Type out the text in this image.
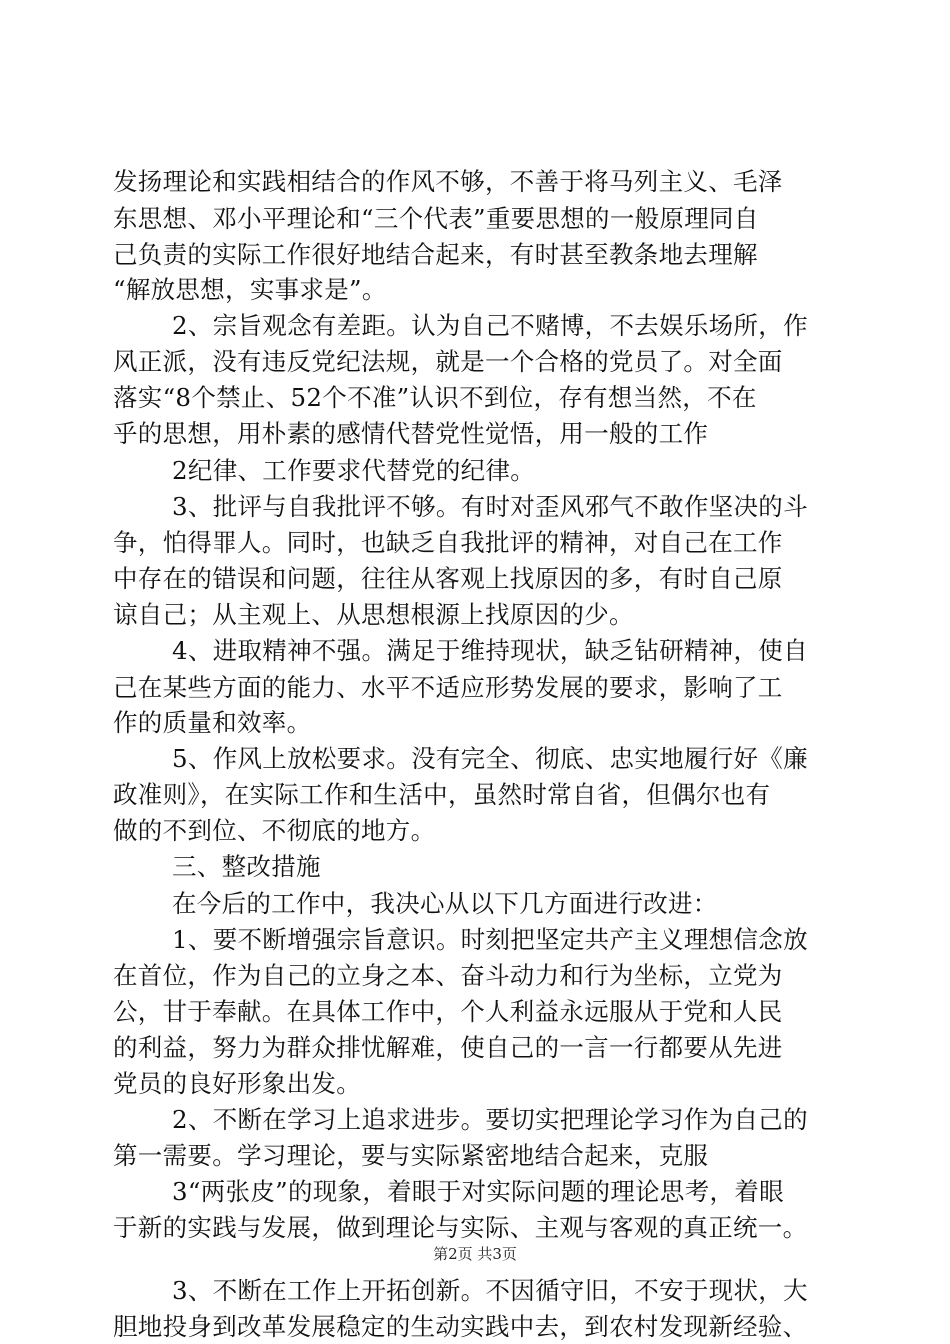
发扬理论和实践相结合的作风不够，不善于将马列主义、毛泽
东思想、邓小平理论和“三个代表”重要思想的一般原理同自
己负责的实际工作很好地结合起来，有时甚至教条地去理解
“解放思想，实事求是”。
2、宗旨观念有差距。认为自己不赌博，不去娱乐场所，作
风正派，没有违反党纪法规，就是一个合格的党员了。对全面
落实“8个禁止、52个不准”认识不到位，存有想当然，不在
乎的思想，用朴素的感情代替党性觉悟，用一般的工作
2纪律、工作要求代替党的纪律。
3、批评与自我批评不够。有时对歪风邪气不敢作坚决的斗
争，怕得罪人。同时，也缺乏自我批评的精神，对自己在工作
中存在的错误和问题，往往从客观上找原因的多，有时自己原
谅自己；从主观上、从思想根源上找原因的少。
4、进取精神不强。满足于维持现状，缺乏钻研精神，使自
己在某些方面的能力、水平不适应形势发展的要求，影响了工
作的质量和效率。
5、作风上放松要求。没有完全、彻底、忠实地履行好《廉
政准则》，在实际工作和生活中，虽然时常自省，但偶尔也有
做的不到位、不彻底的地方。
三、整改措施
在今后的工作中，我决心从以下几方面进行改进：
1、要不断增强宗旨意识。时刻把坚定共产主义理想信念放
在首位，作为自己的立身之本、奋斗动力和行为坐标，立党为
公，甘于奉献。在具体工作中，个人利益永远服从于党和人民
的利益，努力为群众排忧解难，使自己的一言一行都要从先进
党员的良好形象出发。
2、不断在学习上追求进步。要切实把理论学习作为自己的
第一需要。学习理论，要与实际紧密地结合起来，克服
3“两张皮”的现象，着眼于对实际问题的理论思考，着眼
于新的实践与发展，做到理论与实际、主观与客观的真正统一。
3、不断在工作上开拓创新。不因循守旧，不安于现状，大
胆地投身到改革发展稳定的生动实践中去，到农村发现新经验、
第2页 共3页
